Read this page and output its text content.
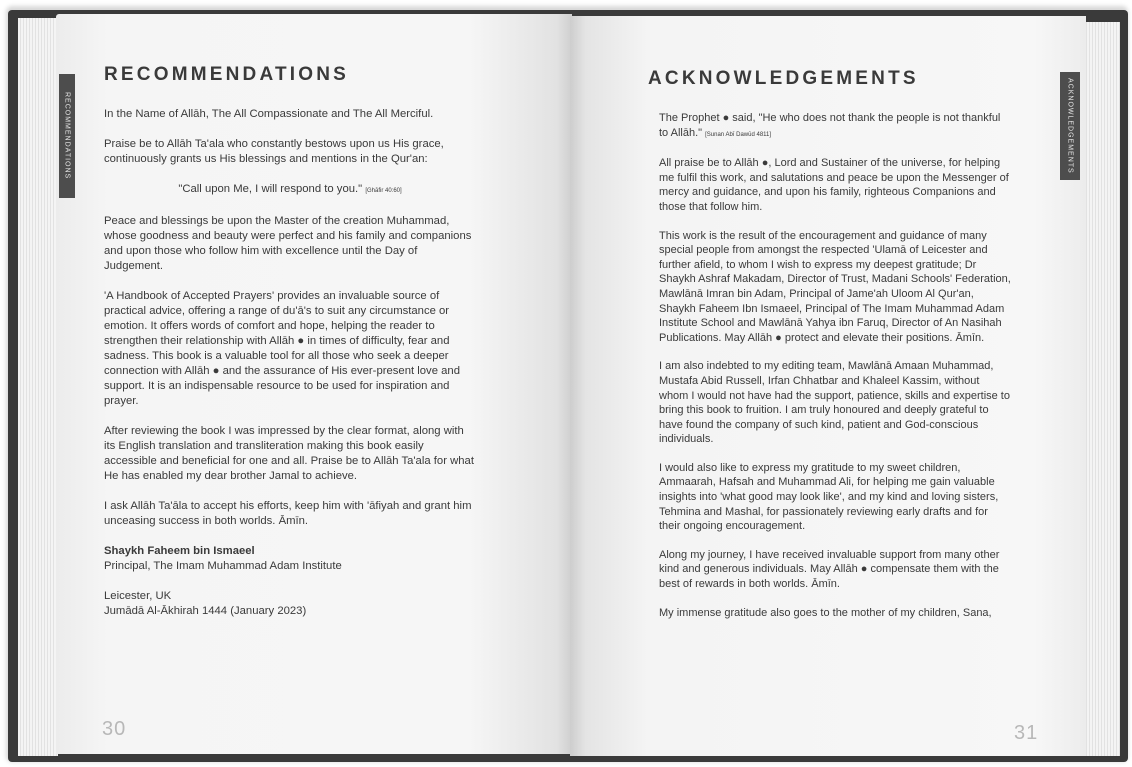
RECOMMENDATIONS
RECOMMENDATIONS

In the Name of Allāh, The All Compassionate and The All Merciful.

Praise be to Allāh Ta'ala who constantly bestows upon us His grace, continuously grants us His blessings and mentions in the Qur'an:

"Call upon Me, I will respond to you." [Ghāfir 40:60]

Peace and blessings be upon the Master of the creation Muhammad, whose goodness and beauty were perfect and his family and companions and upon those who follow him with excellence until the Day of Judgement.

'A Handbook of Accepted Prayers' provides an invaluable source of practical advice, offering a range of du'ā's to suit any circumstance or emotion. It offers words of comfort and hope, helping the reader to strengthen their relationship with Allāh ● in times of difficulty, fear and sadness. This book is a valuable tool for all those who seek a deeper connection with Allāh ● and the assurance of His ever-present love and support. It is an indispensable resource to be used for inspiration and prayer.

After reviewing the book I was impressed by the clear format, along with its English translation and transliteration making this book easily accessible and beneficial for one and all. Praise be to Allāh Ta'ala for what He has enabled my dear brother Jamal to achieve.

I ask Allāh Ta'āla to accept his efforts, keep him with 'āfiyah and grant him unceasing success in both worlds. Āmīn.

Shaykh Faheem bin Ismaeel
Principal, The Imam Muhammad Adam Institute

Leicester, UK
Jumādā Al-Ākhirah 1444 (January 2023)

30
ACKNOWLEDGEMENTS
ACKNOWLEDGEMENTS

The Prophet ● said, "He who does not thank the people is not thankful to Allāh." [Sunan Abī Dawūd 4811]

All praise be to Allāh ●, Lord and Sustainer of the universe, for helping me fulfil this work, and salutations and peace be upon the Messenger of mercy and guidance, and upon his family, righteous Companions and those that follow him.

This work is the result of the encouragement and guidance of many special people from amongst the respected 'Ulamā of Leicester and further afield, to whom I wish to express my deepest gratitude; Dr Shaykh Ashraf Makadam, Director of Trust, Madani Schools' Federation, Mawlānā Imran bin Adam, Principal of Jame'ah Uloom Al Qur'an, Shaykh Faheem Ibn Ismaeel, Principal of The Imam Muhammad Adam Institute School and Mawlānā Yahya ibn Faruq, Director of An Nasihah Publications. May Allāh ● protect and elevate their positions. Āmīn.

I am also indebted to my editing team, Mawlānā Amaan Muhammad, Mustafa Abid Russell, Irfan Chhatbar and Khaleel Kassim, without whom I would not have had the support, patience, skills and expertise to bring this book to fruition. I am truly honoured and deeply grateful to have found the company of such kind, patient and God-conscious individuals.

I would also like to express my gratitude to my sweet children, Ammaarah, Hafsah and Muhammad Ali, for helping me gain valuable insights into 'what good may look like', and my kind and loving sisters, Tehmina and Mashal, for passionately reviewing early drafts and for their ongoing encouragement.

Along my journey, I have received invaluable support from many other kind and generous individuals. May Allāh ● compensate them with the best of rewards in both worlds. Āmīn.

My immense gratitude also goes to the mother of my children, Sana,

31
